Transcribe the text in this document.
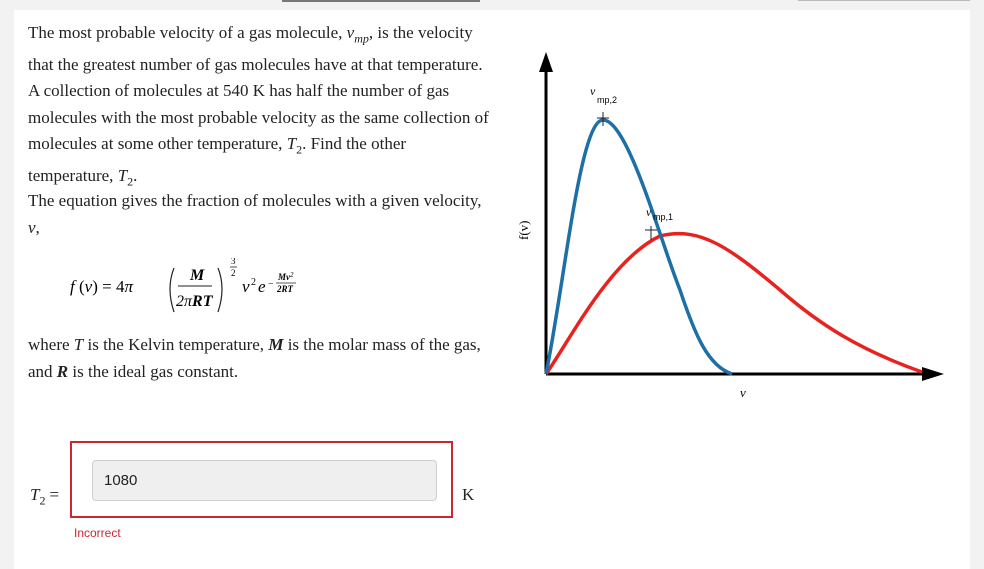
The most probable velocity of a gas molecule, $v_{mp}$, is the velocity that the greatest number of gas molecules have at that temperature. A collection of molecules at 540 K has half the number of gas molecules with the most probable velocity as the same collection of molecules at some other temperature, $T_2$. Find the other temperature, $T_2$.
The equation gives the fraction of molecules with a given velocity, v,
f (v) = 4π
M
2πRT
3
2
v 2 e −
$Mv^2$
2RT
where T is the Kelvin temperature, M is the molar mass of the gas, and R is the ideal gas constant.
1080
$T_2$ =	K
Incorrect
v
mp,2
v mp,1
v
f(v)
